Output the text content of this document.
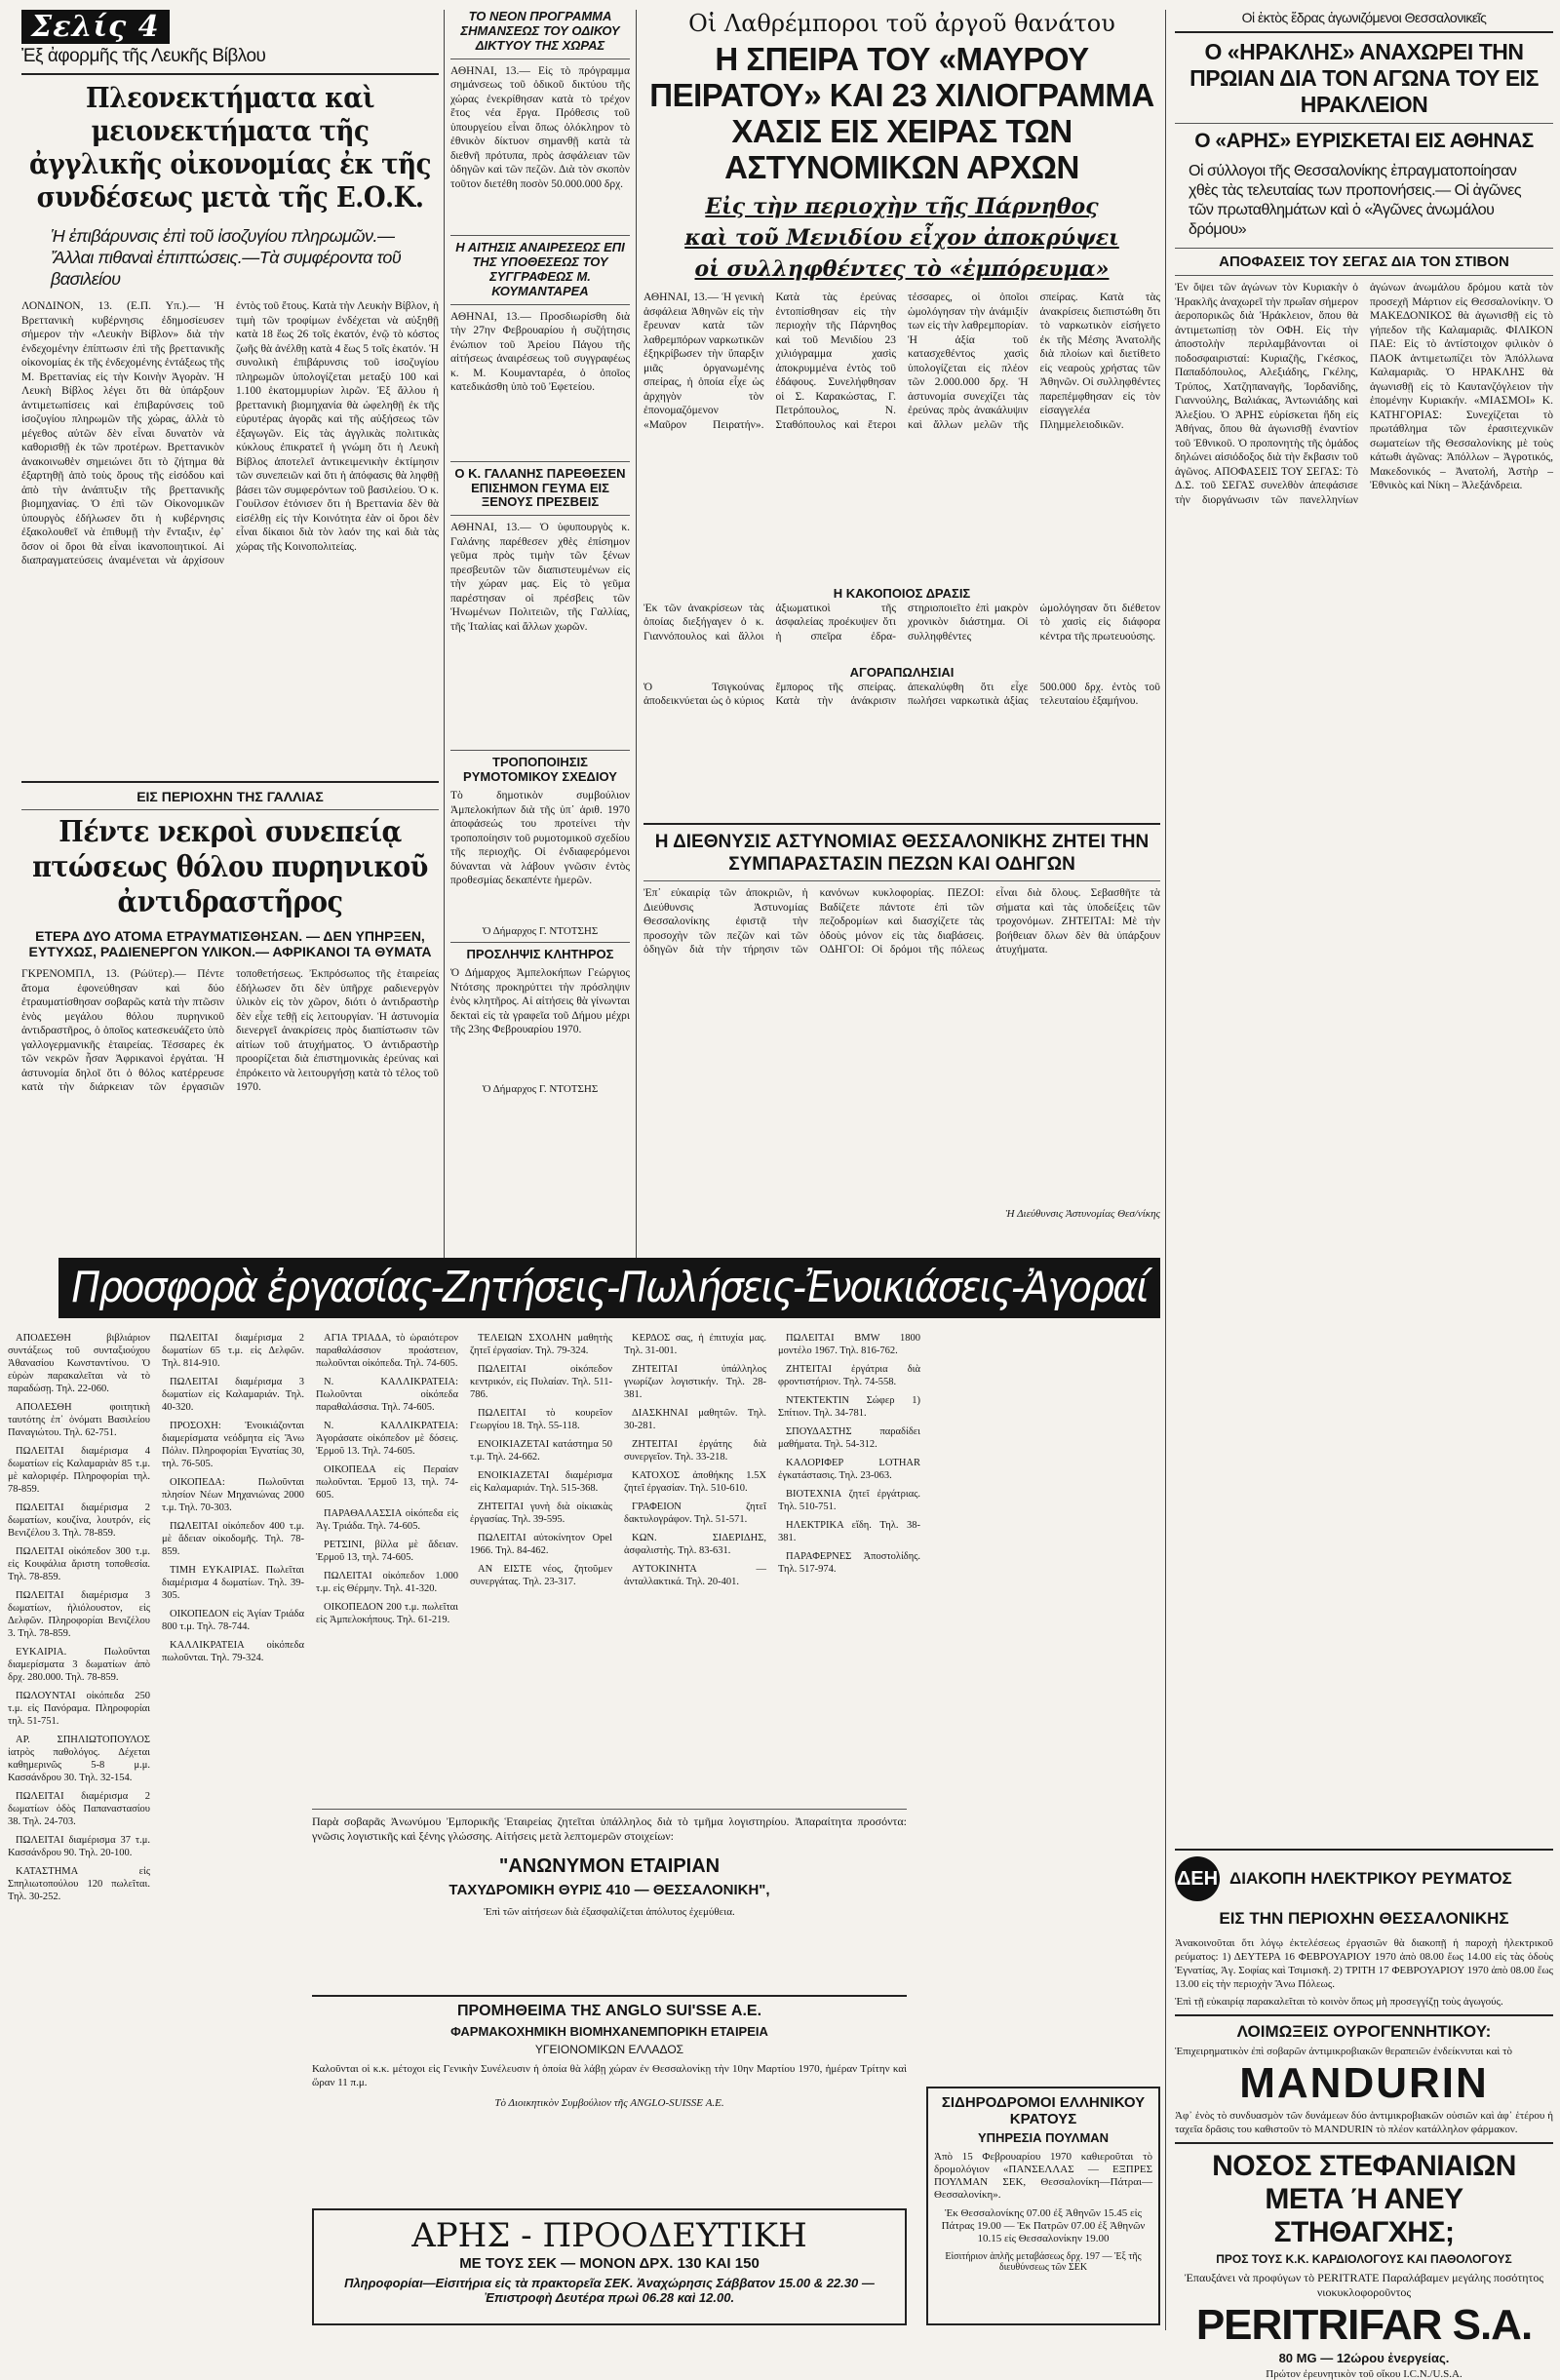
Σελίς 4
Ἐξ ἀφορμῆς τῆς Λευκῆς Βίβλου
Πλεονεκτήματα καὶ μειονεκτήματα τῆς ἀγγλικῆς οἰκονομίας ἐκ τῆς συνδέσεως μετὰ τῆς Ε.Ο.Κ.
Ἡ ἐπιβάρυνσις ἐπὶ τοῦ ἰσοζυγίου πληρωμῶν.— Ἄλλαι πιθαναὶ ἐπιπτώσεις.—Τὰ συμφέροντα τοῦ βασιλείου
ΛΟΝΔΙΝΟΝ, 13. (Ε.Π. Υπ.).— Ἡ Βρεττανικὴ κυβέρνησις ἐδημοσίευσεν σήμερον τὴν «Λευκὴν Βίβλον» διὰ τὴν ἐνδεχομένην ἐπίπτωσιν ἐπὶ τῆς βρεττανικῆς οἰκονομίας ἐκ τῆς ἐνδεχομένης ἐντάξεως τῆς Μ. Βρεττανίας εἰς τὴν Κοινὴν Ἀγορὰν. Ἡ Λευκὴ Βίβλος λέγει ὅτι θὰ ὑπάρξουν ἀντιμετωπίσεις καὶ ἐπιβαρύνσεις τοῦ ἰσοζυγίου πληρωμῶν τῆς χώρας, ἀλλὰ τὸ μέγεθος αὐτῶν δὲν εἶναι δυνατὸν νὰ καθορισθῇ ἐκ τῶν προτέρων. Βρεττανικὸν ἀνακοινωθὲν σημειώνει ὅτι τὸ ζήτημα θὰ ἐξαρτηθῇ ἀπὸ τοὺς ὅρους τῆς εἰσόδου καὶ ἀπὸ τὴν ἀνάπτυξιν τῆς βρεττανικῆς βιομηχανίας. Ὁ ἐπὶ τῶν Οἰκονομικῶν ὑπουργὸς ἐδήλωσεν ὅτι ἡ κυβέρνησις ἐξακολουθεῖ νὰ ἐπιθυμῇ τὴν ἔνταξιν, ἐφ᾽ ὅσον οἱ ὅροι θὰ εἶναι ἱκανοποιητικοί. Αἱ διαπραγματεύσεις ἀναμένεται νὰ ἀρχίσουν ἐντὸς τοῦ ἔτους. Κατὰ τὴν Λευκὴν Βίβλον, ἡ τιμὴ τῶν τροφίμων ἐνδέχεται νὰ αὐξηθῇ κατὰ 18 ἕως 26 τοῖς ἑκατόν, ἐνῷ τὸ κόστος ζωῆς θὰ ἀνέλθῃ κατὰ 4 ἕως 5 τοῖς ἑκατόν. Ἡ συνολικὴ ἐπιβάρυνσις τοῦ ἰσοζυγίου πληρωμῶν ὑπολογίζεται μεταξὺ 100 καὶ 1.100 ἑκατομμυρίων λιρῶν. Ἐξ ἄλλου ἡ βρεττανικὴ βιομηχανία θὰ ὠφεληθῇ ἐκ τῆς εὐρυτέρας ἀγορᾶς καὶ τῆς αὐξήσεως τῶν ἐξαγωγῶν. Εἰς τὰς ἀγγλικὰς πολιτικὰς κύκλους ἐπικρατεῖ ἡ γνώμη ὅτι ἡ Λευκὴ Βίβλος ἀποτελεῖ ἀντικειμενικὴν ἐκτίμησιν τῶν συνεπειῶν καὶ ὅτι ἡ ἀπόφασις θὰ ληφθῇ βάσει τῶν συμφερόντων τοῦ βασιλείου. Ὁ κ. Γουίλσον ἐτόνισεν ὅτι ἡ Βρεττανία δὲν θὰ εἰσέλθῃ εἰς τὴν Κοινότητα ἐὰν οἱ ὅροι δὲν εἶναι δίκαιοι διὰ τὸν λαόν της καὶ διὰ τὰς χώρας τῆς Κοινοπολιτείας.
ΕΙΣ ΠΕΡΙΟΧΗΝ ΤΗΣ ΓΑΛΛΙΑΣ
Πέντε νεκροὶ συνεπείᾳ πτώσεως θόλου πυρηνικοῦ ἀντιδραστῆρος
ΕΤΕΡΑ ΔΥΟ ΑΤΟΜΑ ΕΤΡΑΥΜΑΤΙΣΘΗΣΑΝ. — ΔΕΝ ΥΠΗΡΞΕΝ, ΕΥΤΥΧΩΣ, ΡΑΔΙΕΝΕΡΓΟΝ ΥΛΙΚΟΝ.— ΑΦΡΙΚΑΝΟΙ ΤΑ ΘΥΜΑΤΑ
ΓΚΡΕΝΟΜΠΛ, 13. (Ρώϋτερ).— Πέντε ἄτομα ἐφονεύθησαν καὶ δύο ἐτραυματίσθησαν σοβαρῶς κατὰ τὴν πτῶσιν ἑνὸς μεγάλου θόλου πυρηνικοῦ ἀντιδραστῆρος, ὁ ὁποῖος κατεσκευάζετο ὑπὸ γαλλογερμανικῆς ἑταιρείας. Τέσσαρες ἐκ τῶν νεκρῶν ἦσαν Ἀφρικανοὶ ἐργάται. Ἡ ἀστυνομία δηλοῖ ὅτι ὁ θόλος κατέρρευσε κατὰ τὴν διάρκειαν τῶν ἐργασιῶν τοποθετήσεως. Ἐκπρόσωπος τῆς ἑταιρείας ἐδήλωσεν ὅτι δὲν ὑπῆρχε ραδιενεργὸν ὑλικὸν εἰς τὸν χῶρον, διότι ὁ ἀντιδραστὴρ δὲν εἶχε τεθῇ εἰς λειτουργίαν. Ἡ ἀστυνομία διενεργεῖ ἀνακρίσεις πρὸς διαπίστωσιν τῶν αἰτίων τοῦ ἀτυχήματος. Ὁ ἀντιδραστὴρ προορίζεται διὰ ἐπιστημονικὰς ἐρεύνας καὶ ἐπρόκειτο νὰ λειτουργήσῃ κατὰ τὸ τέλος τοῦ 1970.
ΤΟ ΝΕΟΝ ΠΡΟΓΡΑΜΜΑ ΣΗΜΑΝΣΕΩΣ ΤΟΥ ΟΔΙΚΟΥ ΔΙΚΤΥΟΥ ΤΗΣ ΧΩΡΑΣ
ΑΘΗΝΑΙ, 13.— Εἰς τὸ πρόγραμμα σημάνσεως τοῦ ὁδικοῦ δικτύου τῆς χώρας ἐνεκρίθησαν κατὰ τὸ τρέχον ἔτος νέα ἔργα. Πρόθεσις τοῦ ὑπουργείου εἶναι ὅπως ὁλόκληρον τὸ ἐθνικὸν δίκτυον σημανθῇ κατὰ τὰ διεθνῆ πρότυπα, πρὸς ἀσφάλειαν τῶν ὁδηγῶν καὶ τῶν πεζῶν. Διὰ τὸν σκοπὸν τοῦτον διετέθη ποσὸν 50.000.000 δρχ.
Η ΑΙΤΗΣΙΣ ΑΝΑΙΡΕΣΕΩΣ ΕΠΙ ΤΗΣ ΥΠΟΘΕΣΕΩΣ ΤΟΥ ΣΥΓΓΡΑΦΕΩΣ Μ. ΚΟΥΜΑΝΤΑΡΕΑ
ΑΘΗΝΑΙ, 13.— Προσδιωρίσθη διὰ τὴν 27ην Φεβρουαρίου ἡ συζήτησις ἐνώπιον τοῦ Ἀρείου Πάγου τῆς αἰτήσεως ἀναιρέσεως τοῦ συγγραφέως κ. Μ. Κουμανταρέα, ὁ ὁποῖος κατεδικάσθη ὑπὸ τοῦ Ἐφετείου.
Ο Κ. ΓΑΛΑΝΗΣ ΠΑΡΕΘΕΣΕΝ ΕΠΙΣΗΜΟΝ ΓΕΥΜΑ ΕΙΣ ΞΕΝΟΥΣ ΠΡΕΣΒΕΙΣ
ΑΘΗΝΑΙ, 13.— Ὁ ὑφυπουργὸς κ. Γαλάνης παρέθεσεν χθὲς ἐπίσημον γεῦμα πρὸς τιμὴν τῶν ξένων πρεσβευτῶν τῶν διαπιστευμένων εἰς τὴν χώραν μας. Εἰς τὸ γεῦμα παρέστησαν οἱ πρέσβεις τῶν Ἡνωμένων Πολιτειῶν, τῆς Γαλλίας, τῆς Ἰταλίας καὶ ἄλλων χωρῶν.
ΤΡΟΠΟΠΟΙΗΣΙΣ ΡΥΜΟΤΟΜΙΚΟΥ ΣΧΕΔΙΟΥ
Τὸ δημοτικὸν συμβούλιον Ἀμπελοκήπων διὰ τῆς ὑπ᾽ ἀριθ. 1970 ἀποφάσεώς του προτείνει τὴν τροποποίησιν τοῦ ρυμοτομικοῦ σχεδίου τῆς περιοχῆς. Οἱ ἐνδιαφερόμενοι δύνανται νὰ λάβουν γνῶσιν ἐντὸς προθεσμίας δεκαπέντε ἡμερῶν.
Ὁ Δήμαρχος Γ. ΝΤΟΤΣΗΣ
ΠΡΟΣΛΗΨΙΣ ΚΛΗΤΗΡΟΣ
Ὁ Δήμαρχος Ἀμπελοκήπων Γεώργιος Ντότσης προκηρύττει τὴν πρόσληψιν ἑνὸς κλητῆρος. Αἱ αἰτήσεις θὰ γίνωνται δεκταὶ εἰς τὰ γραφεῖα τοῦ Δήμου μέχρι τῆς 23ης Φεβρουαρίου 1970.
Ὁ Δήμαρχος Γ. ΝΤΟΤΣΗΣ
Οἱ Λαθρέμποροι τοῦ ἀργοῦ θανάτου
Η ΣΠΕΙΡΑ ΤΟΥ «ΜΑΥΡΟΥ ΠΕΙΡΑΤΟΥ» ΚΑΙ 23 ΧΙΛΙΟΓΡΑΜΜΑ ΧΑΣΙΣ ΕΙΣ ΧΕΙΡΑΣ ΤΩΝ ΑΣΤΥΝΟΜΙΚΩΝ ΑΡΧΩΝ
Εἰς τὴν περιοχὴν τῆς Πάρνηθος καὶ τοῦ Μενιδίου εἶχον ἀποκρύψει οἱ συλληφθέντες τὸ «ἐμπόρευμα»
ΑΘΗΝΑΙ, 13.— Ἡ γενικὴ ἀσφάλεια Ἀθηνῶν εἰς τὴν ἔρευναν κατὰ τῶν λαθρεμπόρων ναρκωτικῶν ἐξηκρίβωσεν τὴν ὕπαρξιν μιᾶς ὀργανωμένης σπείρας, ἡ ὁποία εἶχε ὡς ἀρχηγὸν τὸν ἐπονομαζόμενον «Μαῦρον Πειρατήν». Κατὰ τὰς ἐρεύνας ἐντοπίσθησαν εἰς τὴν περιοχὴν τῆς Πάρνηθος καὶ τοῦ Μενιδίου 23 χιλιόγραμμα χασὶς ἀποκρυμμένα ἐντὸς τοῦ ἐδάφους. Συνελήφθησαν οἱ Σ. Καρακώστας, Γ. Πετρόπουλος, Ν. Σταθόπουλος καὶ ἕτεροι τέσσαρες, οἱ ὁποῖοι ὡμολόγησαν τὴν ἀνάμιξίν των εἰς τὴν λαθρεμπορίαν. Ἡ ἀξία τοῦ κατασχεθέντος χασὶς ὑπολογίζεται εἰς πλέον τῶν 2.000.000 δρχ. Ἡ ἀστυνομία συνεχίζει τὰς ἐρεύνας πρὸς ἀνακάλυψιν καὶ ἄλλων μελῶν τῆς σπείρας. Κατὰ τὰς ἀνακρίσεις διεπιστώθη ὅτι τὸ ναρκωτικὸν εἰσήγετο ἐκ τῆς Μέσης Ἀνατολῆς διὰ πλοίων καὶ διετίθετο εἰς νεαροὺς χρήστας τῶν Ἀθηνῶν. Οἱ συλληφθέντες παρεπέμφθησαν εἰς τὸν εἰσαγγελέα Πλημμελειοδικῶν.
Η ΚΑΚΟΠΟΙΟΣ ΔΡΑΣΙΣ
Ἐκ τῶν ἀνακρίσεων τὰς ὁποίας διεξήγαγεν ὁ κ. Γιαννόπουλος καὶ ἄλλοι ἀξιωματικοὶ τῆς ἀσφαλείας προέκυψεν ὅτι ἡ σπεῖρα ἐδραστηριοποιεῖτο ἐπὶ μακρὸν χρονικὸν διάστημα. Οἱ συλληφθέντες ὡμολόγησαν ὅτι διέθετον τὸ χασὶς εἰς διάφορα κέντρα τῆς πρωτευούσης.
ΑΓΟΡΑΠΩΛΗΣΙΑΙ
Ὁ Τσιγκούνας ἀποδεικνύεται ὡς ὁ κύριος ἔμπορος τῆς σπείρας. Κατὰ τὴν ἀνάκρισιν ἀπεκαλύφθη ὅτι εἶχε πωλήσει ναρκωτικὰ ἀξίας 500.000 δρχ. ἐντὸς τοῦ τελευταίου ἑξαμήνου.
Η ΔΙΕΘΝΥΣΙΣ ΑΣΤΥΝΟΜΙΑΣ ΘΕΣΣΑΛΟΝΙΚΗΣ ΖΗΤΕΙ ΤΗΝ ΣΥΜΠΑΡΑΣΤΑΣΙΝ ΠΕΖΩΝ ΚΑΙ ΟΔΗΓΩΝ
Ἐπ᾽ εὐκαιρίᾳ τῶν ἀποκριῶν, ἡ Διεύθυνσις Ἀστυνομίας Θεσσαλονίκης ἐφιστᾷ τὴν προσοχὴν τῶν πεζῶν καὶ τῶν ὁδηγῶν διὰ τὴν τήρησιν τῶν κανόνων κυκλοφορίας. ΠΕΖΟΙ: Βαδίζετε πάντοτε ἐπὶ τῶν πεζοδρομίων καὶ διασχίζετε τὰς ὁδοὺς μόνον εἰς τὰς διαβάσεις. ΟΔΗΓΟΙ: Οἱ δρόμοι τῆς πόλεως εἶναι διὰ ὅλους. Σεβασθῆτε τὰ σήματα καὶ τὰς ὑποδείξεις τῶν τροχονόμων. ΖΗΤΕΙΤΑΙ: Μὲ τὴν βοήθειαν ὅλων δὲν θὰ ὑπάρξουν ἀτυχήματα.
Ἡ Διεύθυνσις Ἀστυνομίας Θεσ/νίκης
Οἱ ἐκτὸς ἕδρας ἀγωνιζόμενοι Θεσσαλονικεῖς
Ο «ΗΡΑΚΛΗΣ» ΑΝΑΧΩΡΕΙ ΤΗΝ ΠΡΩΙΑΝ ΔΙΑ ΤΟΝ ΑΓΩΝΑ ΤΟΥ ΕΙΣ ΗΡΑΚΛΕΙΟΝ
Ο «ΑΡΗΣ» ΕΥΡΙΣΚΕΤΑΙ ΕΙΣ ΑΘΗΝΑΣ
Οἱ σύλλογοι τῆς Θεσσαλονίκης ἐπραγματοποίησαν χθὲς τὰς τελευταίας των προπονήσεις.— Οἱ ἀγῶνες τῶν πρωταθλημάτων καὶ ὁ «Ἀγῶνες ἀνωμάλου δρόμου»
ΑΠΟΦΑΣΕΙΣ ΤΟΥ ΣΕΓΑΣ ΔΙΑ ΤΟΝ ΣΤΙΒΟΝ
Ἐν ὄψει τῶν ἀγώνων τὸν Κυριακὴν ὁ Ἡρακλῆς ἀναχωρεῖ τὴν πρωΐαν σήμερον ἀεροπορικῶς διὰ Ἡράκλειον, ὅπου θὰ ἀντιμετωπίσῃ τὸν ΟΦΗ. Εἰς τὴν ἀποστολὴν περιλαμβάνονται οἱ ποδοσφαιρισταί: Κυριαζῆς, Γκέσκος, Παπαδόπουλος, Αλεξιάδης, Γκέλης, Τρύπος, Χατζηπαναγῆς, Ἰορδανίδης, Γιαννούλης, Βαλιάκας, Ἀντωνιάδης καὶ Ἀλεξίου. Ὁ ἈΡΗΣ εὑρίσκεται ἤδη εἰς Ἀθήνας, ὅπου θὰ ἀγωνισθῇ ἐναντίον τοῦ Ἐθνικοῦ. Ὁ προπονητὴς τῆς ὁμάδος δηλώνει αἰσιόδοξος διὰ τὴν ἔκβασιν τοῦ ἀγῶνος. ΑΠΟΦΑΣΕΙΣ ΤΟΥ ΣΕΓΑΣ: Τὸ Δ.Σ. τοῦ ΣΕΓΑΣ συνελθὸν ἀπεφάσισε τὴν διοργάνωσιν τῶν πανελληνίων ἀγώνων ἀνωμάλου δρόμου κατὰ τὸν προσεχῆ Μάρτιον εἰς Θεσσαλονίκην. Ὁ ΜΑΚΕΔΟΝΙΚΟΣ θὰ ἀγωνισθῇ εἰς τὸ γήπεδον τῆς Καλαμαριᾶς. ΦΙΛΙΚΟΝ ΠΑΕ: Εἰς τὸ ἀντίστοιχον φιλικὸν ὁ ΠΑΟΚ ἀντιμετωπίζει τὸν Ἀπόλλωνα Καλαμαριᾶς. Ὁ ΗΡΑΚΛΗΣ θὰ ἀγωνισθῇ εἰς τὸ Καυτανζόγλειον τὴν ἑπομένην Κυριακήν. «ΜΙΑΣΜΟΙ» Κ. ΚΑΤΗΓΟΡΙΑΣ: Συνεχίζεται τὸ πρωτάθλημα τῶν ἐρασιτεχνικῶν σωματείων τῆς Θεσσαλονίκης μὲ τοὺς κάτωθι ἀγῶνας: Ἀπόλλων – Ἀγροτικός, Μακεδονικός – Ἀνατολή, Ἀστὴρ – Ἐθνικὸς καὶ Νίκη – Ἀλεξάνδρεια.
Προσφορὰ ἐργασίας-Ζητήσεις-Πωλήσεις-Ἐνοικιάσεις-Ἀγοραί

ΑΠΟΔΕΣΘΗ βιβλιάριον συντάξεως τοῦ συνταξιούχου Ἀθανασίου Κωνσταντίνου. Ὁ εὑρὼν παρακαλεῖται νὰ τὸ παραδώσῃ. Τηλ. 22-060.

ΑΠΟΛΕΣΘΗ φοιτητικὴ ταυτότης ἐπ᾽ ὀνόματι Βασιλείου Παναγιώτου. Τηλ. 62-751.

ΠΩΛΕΙΤΑΙ διαμέρισμα 4 δωματίων εἰς Καλαμαριὰν 85 τ.μ. μὲ καλοριφέρ. Πληροφορίαι τηλ. 78-859.

ΠΩΛΕΙΤΑΙ διαμέρισμα 2 δωματίων, κουζίνα, λουτρόν, εἰς Βενιζέλου 3. Τηλ. 78-859.

ΠΩΛΕΙΤΑΙ οἰκόπεδον 300 τ.μ. εἰς Κουφάλια ἄριστη τοποθεσία. Τηλ. 78-859.

ΠΩΛΕΙΤΑΙ διαμέρισμα 3 δωματίων, ἡλιόλουστον, εἰς Δελφῶν. Πληροφορίαι Βενιζέλου 3. Τηλ. 78-859.

ΕΥΚΑΙΡΙΑ. Πωλοῦνται διαμερίσματα 3 δωματίων ἀπὸ δρχ. 280.000. Τηλ. 78-859.

ΠΩΛΟΥΝΤΑΙ οἰκόπεδα 250 τ.μ. εἰς Πανόραμα. Πληροφορίαι τηλ. 51-751.

ΑΡ. ΣΠΗΛΙΩΤΟΠΟΥΛΟΣ ἰατρὸς παθολόγος. Δέχεται καθημερινῶς 5-8 μ.μ. Κασσάνδρου 30. Τηλ. 32-154.

ΠΩΛΕΙΤΑΙ διαμέρισμα 2 δωματίων ὁδὸς Παπαναστασίου 38. Τηλ. 24-703.

ΠΩΛΕΙΤΑΙ διαμέρισμα 37 τ.μ. Κασσάνδρου 90. Τηλ. 20-100.

ΚΑΤΑΣΤΗΜΑ εἰς Σπηλιωτοπούλου 120 πωλεῖται. Τηλ. 30-252.

ΠΩΛΕΙΤΑΙ διαμέρισμα 2 δωματίων 65 τ.μ. εἰς Δελφῶν. Τηλ. 814-910.

ΠΩΛΕΙΤΑΙ διαμέρισμα 3 δωματίων εἰς Καλαμαριάν. Τηλ. 40-320.

ΠΡΟΣΟΧΗ: Ἐνοικιάζονται διαμερίσματα νεόδμητα εἰς Ἄνω Πόλιν. Πληροφορίαι Ἐγνατίας 30, τηλ. 76-505.

ΟΙΚΟΠΕΔΑ: Πωλοῦνται πλησίον Νέων Μηχανιώνας 2000 τ.μ. Τηλ. 70-303.

ΠΩΛΕΙΤΑΙ οἰκόπεδον 400 τ.μ. μὲ ἄδειαν οἰκοδομῆς. Τηλ. 78-859.

ΤΙΜΗ ΕΥΚΑΙΡΙΑΣ. Πωλεῖται διαμέρισμα 4 δωματίων. Τηλ. 39-305.

ΟΙΚΟΠΕΔΟΝ εἰς Ἀγίαν Τριάδα 800 τ.μ. Τηλ. 78-744.

ΚΑΛΛΙΚΡΑΤΕΙΑ οἰκόπεδα πωλοῦνται. Τηλ. 79-324.

ΑΓΙΑ ΤΡΙΑΔΑ, τὸ ὡραιότερον παραθαλάσσιον προάστειον, πωλοῦνται οἰκόπεδα. Τηλ. 74-605.

Ν. ΚΑΛΛΙΚΡΑΤΕΙΑ: Πωλοῦνται οἰκόπεδα παραθαλάσσια. Τηλ. 74-605.

Ν. ΚΑΛΛΙΚΡΑΤΕΙΑ: Ἀγοράσατε οἰκόπεδον μὲ δόσεις. Ἑρμοῦ 13. Τηλ. 74-605.

ΟΙΚΟΠΕΔΑ εἰς Περαίαν πωλοῦνται. Ἑρμοῦ 13, τηλ. 74-605.

ΠΑΡΑΘΑΛΑΣΣΙΑ οἰκόπεδα εἰς Ἁγ. Τριάδα. Τηλ. 74-605.

ΡΕΤΣΙΝΙ, βίλλα μὲ ἄδειαν. Ἑρμοῦ 13, τηλ. 74-605.

ΠΩΛΕΙΤΑΙ οἰκόπεδον 1.000 τ.μ. εἰς Θέρμην. Τηλ. 41-320.

ΟΙΚΟΠΕΔΟΝ 200 τ.μ. πωλεῖται εἰς Ἀμπελοκήπους. Τηλ. 61-219.

ΤΕΛΕΙΩΝ ΣΧΟΛΗΝ μαθητὴς ζητεῖ ἐργασίαν. Τηλ. 79-324.

ΠΩΛΕΙΤΑΙ οἰκόπεδον κεντρικόν, εἰς Πυλαίαν. Τηλ. 511-786.

ΠΩΛΕΙΤΑΙ τὸ κουρεῖον Γεωργίου 18. Τηλ. 55-118.

ΕΝΟΙΚΙΑΖΕΤΑΙ κατάστημα 50 τ.μ. Τηλ. 24-662.

ΕΝΟΙΚΙΑΖΕΤΑΙ διαμέρισμα εἰς Καλαμαριάν. Τηλ. 515-368.

ΖΗΤΕΙΤΑΙ γυνὴ διὰ οἰκιακὰς ἐργασίας. Τηλ. 39-595.

ΠΩΛΕΙΤΑΙ αὐτοκίνητον Opel 1966. Τηλ. 84-462.

ΑΝ ΕΙΣΤΕ νέος, ζητοῦμεν συνεργάτας. Τηλ. 23-317.

ΚΕΡΔΟΣ σας, ἡ ἐπιτυχία μας. Τηλ. 31-001.

ΖΗΤΕΙΤΑΙ ὑπάλληλος γνωρίζων λογιστικήν. Τηλ. 28-381.

ΔΙΑΣΚΗΝΑΙ μαθητῶν. Τηλ. 30-281.

ΖΗΤΕΙΤΑΙ ἐργάτης διὰ συνεργεῖον. Τηλ. 33-218.

ΚΑΤΟΧΟΣ ἀποθήκης 1.5Χ ζητεῖ ἐργασίαν. Τηλ. 510-610.

ΓΡΑΦΕΙΟΝ ζητεῖ δακτυλογράφον. Τηλ. 51-571.

ΚΩΝ. ΣΙΔΕΡΙΔΗΣ, ἀσφαλιστὴς. Τηλ. 83-631.

ΑΥΤΟΚΙΝΗΤΑ — ἀνταλλακτικά. Τηλ. 20-401.

ΠΩΛΕΙΤΑΙ BMW 1800 μοντέλο 1967. Τηλ. 816-762.

ΖΗΤΕΙΤΑΙ ἐργάτρια διὰ φροντιστήριον. Τηλ. 74-558.

ΝΤΕΚΤΕΚΤΙΝ Σώφερ 1) Σπίτιον. Τηλ. 34-781.

ΣΠΟΥΔΑΣΤΗΣ παραδίδει μαθήματα. Τηλ. 54-312.

ΚΑΛΟΡΙΦΕΡ LOTHAR ἐγκατάστασις. Τηλ. 23-063.

ΒΙΟΤΕΧΝΙΑ ζητεῖ ἐργάτριας. Τηλ. 510-751.

ΗΛΕΚΤΡΙΚΑ εἴδη. Τηλ. 38-381.

ΠΑΡΑΦΕΡΝΕΣ Ἀποστολίδης. Τηλ. 517-974.

Παρὰ σοβαρᾶς Ἀνωνύμου Ἐμπορικῆς Ἑταιρείας ζητεῖται ὑπάλληλος διὰ τὸ τμῆμα λογιστηρίου. Ἀπαραίτητα προσόντα: γνῶσις λογιστικῆς καὶ ξένης γλώσσης. Αἰτήσεις μετὰ λεπτομερῶν στοιχείων:
"ΑΝΩΝΥΜΟΝ ΕΤΑΙΡΙΑΝ
ΤΑΧΥΔΡΟΜΙΚΗ ΘΥΡΙΣ 410 — ΘΕΣΣΑΛΟΝΙΚΗ",
Ἐπὶ τῶν αἰτήσεων διὰ ἐξασφαλίζεται ἀπόλυτος ἐχεμύθεια.
ΠΡΟΜΗΘΕΙΜΑ ΤΗΣ ANGLO SUI'SSE Α.Ε.
ΦΑΡΜΑΚΟΧΗΜΙΚΗ ΒΙΟΜΗΧΑΝΕΜΠΟΡΙΚΗ ΕΤΑΙΡΕΙΑ
ΥΓΕΙΟΝΟΜΙΚΩΝ ΕΛΛΑΔΟΣ
Καλοῦνται οἱ κ.κ. μέτοχοι εἰς Γενικὴν Συνέλευσιν ἡ ὁποία θὰ λάβῃ χώραν ἐν Θεσσαλονίκῃ τὴν 10ην Μαρτίου 1970, ἡμέραν Τρίτην καὶ ὥραν 11 π.μ.
Τὸ Διοικητικὸν Συμβούλιον τῆς ANGLO-SUISSE Α.Ε.
ΑΡΗΣ - ΠΡΟΟΔΕΥΤΙΚΗ
ΜΕ ΤΟΥΣ ΣΕΚ — ΜΟΝΟΝ ΔΡΧ. 130 ΚΑΙ 150
Πληροφορίαι—Εἰσιτήρια εἰς τὰ πρακτορεῖα ΣΕΚ. Ἀναχώρησις Σάββατον 15.00 & 22.30 — Ἐπιστροφὴ Δευτέρα πρωὶ 06.28 καὶ 12.00.
ΣΙΔΗΡΟΔΡΟΜΟΙ ΕΛΛΗΝΙΚΟΥ ΚΡΑΤΟΥΣ
ΥΠΗΡΕΣΙΑ ΠΟΥΛΜΑΝ
Ἀπὸ 15 Φεβρουαρίου 1970 καθιεροῦται τὸ δρομολόγιον «ΠΑΝΣΕΛΛΑΣ — ΕΞΠΡΕΣ ΠΟΥΛΜΑΝ ΣΕΚ, Θεσσαλονίκη—Πάτραι—Θεσσαλονίκη».
Ἐκ Θεσσαλονίκης 07.00 ἐξ Ἀθηνῶν 15.45 εἰς Πάτρας 19.00 — Ἐκ Πατρῶν 07.00 ἐξ Ἀθηνῶν 10.15 εἰς Θεσσαλονίκην 19.00
Εἰσιτήριον ἁπλῆς μεταβάσεως δρχ. 197 — Ἐξ τῆς διευθύνσεως τῶν ΣΕΚ
ΔΕΗ ΔΙΑΚΟΠΗ ΗΛΕΚΤΡΙΚΟΥ ΡΕΥΜΑΤΟΣ
ΕΙΣ ΤΗΝ ΠΕΡΙΟΧΗΝ ΘΕΣΣΑΛΟΝΙΚΗΣ
Ἀνακοινοῦται ὅτι λόγῳ ἐκτελέσεως ἐργασιῶν θὰ διακοπῇ ἡ παροχὴ ἠλεκτρικοῦ ρεύματος: 1) ΔΕΥΤΕΡΑ 16 ΦΕΒΡΟΥΑΡΙΟΥ 1970 ἀπὸ 08.00 ἕως 14.00 εἰς τὰς ὁδοὺς Ἐγνατίας, Ἀγ. Σοφίας καὶ Τσιμισκῆ. 2) ΤΡΙΤΗ 17 ΦΕΒΡΟΥΑΡΙΟΥ 1970 ἀπὸ 08.00 ἕως 13.00 εἰς τὴν περιοχὴν Ἄνω Πόλεως.
Ἐπὶ τῇ εὐκαιρίᾳ παρακαλεῖται τὸ κοινὸν ὅπως μὴ προσεγγίζῃ τοὺς ἀγωγούς.
ΛΟΙΜΩΞΕΙΣ ΟΥΡΟΓΕΝΝΗΤΙΚΟΥ:
Ἐπιχειρηματικὸν ἐπὶ σοβαρῶν ἀντιμικροβιακῶν θεραπειῶν ἐνδείκνυται καὶ τὸ
MANDURIN
Ἀφ᾽ ἑνὸς τὸ συνδυασμὸν τῶν δυνάμεων δύο ἀντιμικροβιακῶν οὐσιῶν καὶ ἀφ᾽ ἑτέρου ἡ ταχεῖα δρᾶσις του καθιστοῦν τὸ MANDURIN τὸ πλέον κατάλληλον φάρμακον.
ΝΟΣΟΣ ΣΤΕΦΑΝΙΑΙΩΝ ΜΕΤΑ Ή ΑΝΕΥ ΣΤΗΘΑΓΧΗΣ;
ΠΡΟΣ ΤΟΥΣ Κ.Κ. ΚΑΡΔΙΟΛΟΓΟΥΣ ΚΑΙ ΠΑΘΟΛΟΓΟΥΣ
Ἐπαυξάνει νὰ προφύγων τὸ PERITRATE Παραλάβαμεν μεγάλης ποσότητος νιοκυκλοφοροῦντος
PERITRIFAR S.A.
80 MG — 12ώρου ἐνεργείας.
Πρώτον ἐρευνητικὸν τοῦ οἴκου I.C.N./U.S.A.
